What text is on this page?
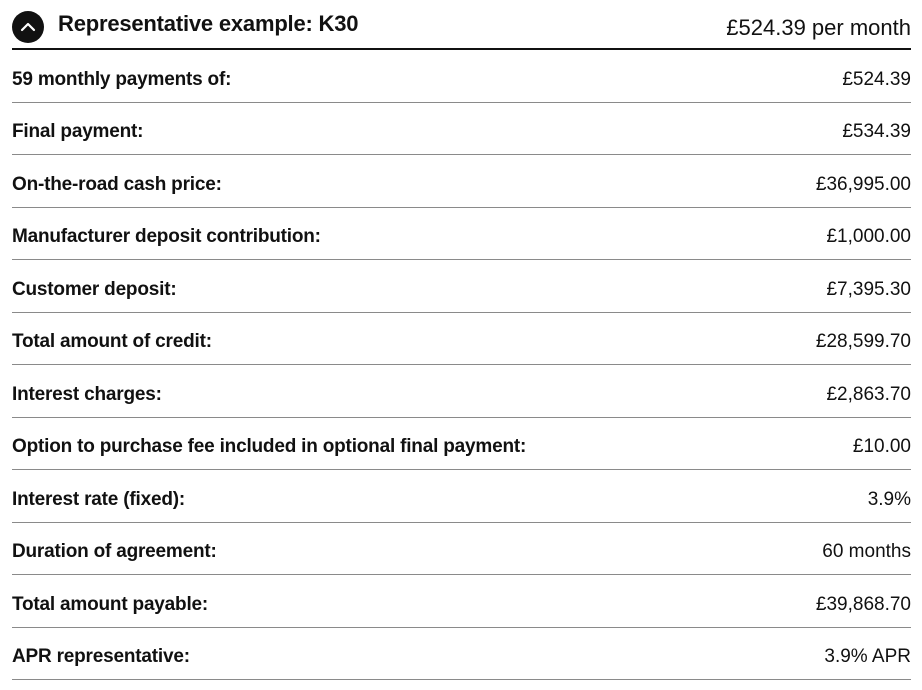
Representative example: K30	£524.39 per month
59 monthly payments of:	£524.39
Final payment:	£534.39
On-the-road cash price:	£36,995.00
Manufacturer deposit contribution:	£1,000.00
Customer deposit:	£7,395.30
Total amount of credit:	£28,599.70
Interest charges:	£2,863.70
Option to purchase fee included in optional final payment:	£10.00
Interest rate (fixed):	3.9%
Duration of agreement:	60 months
Total amount payable:	£39,868.70
APR representative:	3.9% APR
